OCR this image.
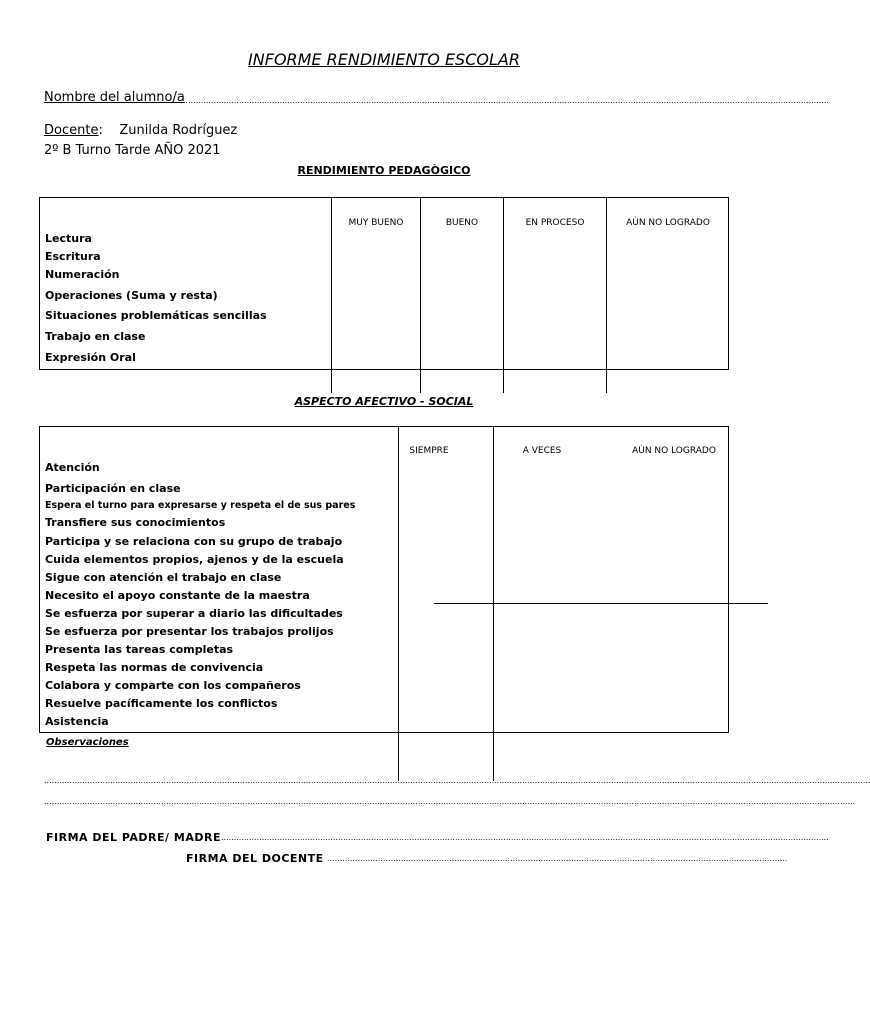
INFORME RENDIMIENTO ESCOLAR
Nombre del alumno/a
..............................................................................................................................................................................................................................................................
Docente:    Zunilda Rodríguez
2º B Turno Tarde AÑO 2021
RENDIMIENTO PEDAGÒGICO
MUY BUENO	BUENO	EN PROCESO	AÙN NO LOGRADO
Lectura
Escritura
Numeración
Operaciones (Suma y resta)
Situaciones problemáticas sencillas
Trabajo en clase
Expresión Oral
ASPECTO AFECTIVO - SOCIAL
SIEMPRE	A VECES	AÙN NO LOGRADO
Atención
Participación en clase
Espera el turno para expresarse y respeta el de sus pares
Transfiere sus conocimientos
Participa y se relaciona con su grupo de trabajo
Cuida elementos propios, ajenos y de la escuela
Sigue con atención el trabajo en clase
Necesito el apoyo constante de la maestra
Se esfuerza por superar a diario las dificultades
Se esfuerza por presentar los trabajos prolijos
Presenta las tareas completas
Respeta las normas de convivencia
Colabora y comparte con los compañeros
Resuelve pacíficamente los conflictos
Asistencia
Observaciones
.....................................................................................................................................................................................................................................................................................................................................
...............................................................................................................................................................................................................................................................................................................................
FIRMA DEL PADRE/ MADRE ...............................................................................................................................................................................................................................................
FIRMA DEL DOCENTE .....................................................................................................................................................................................
